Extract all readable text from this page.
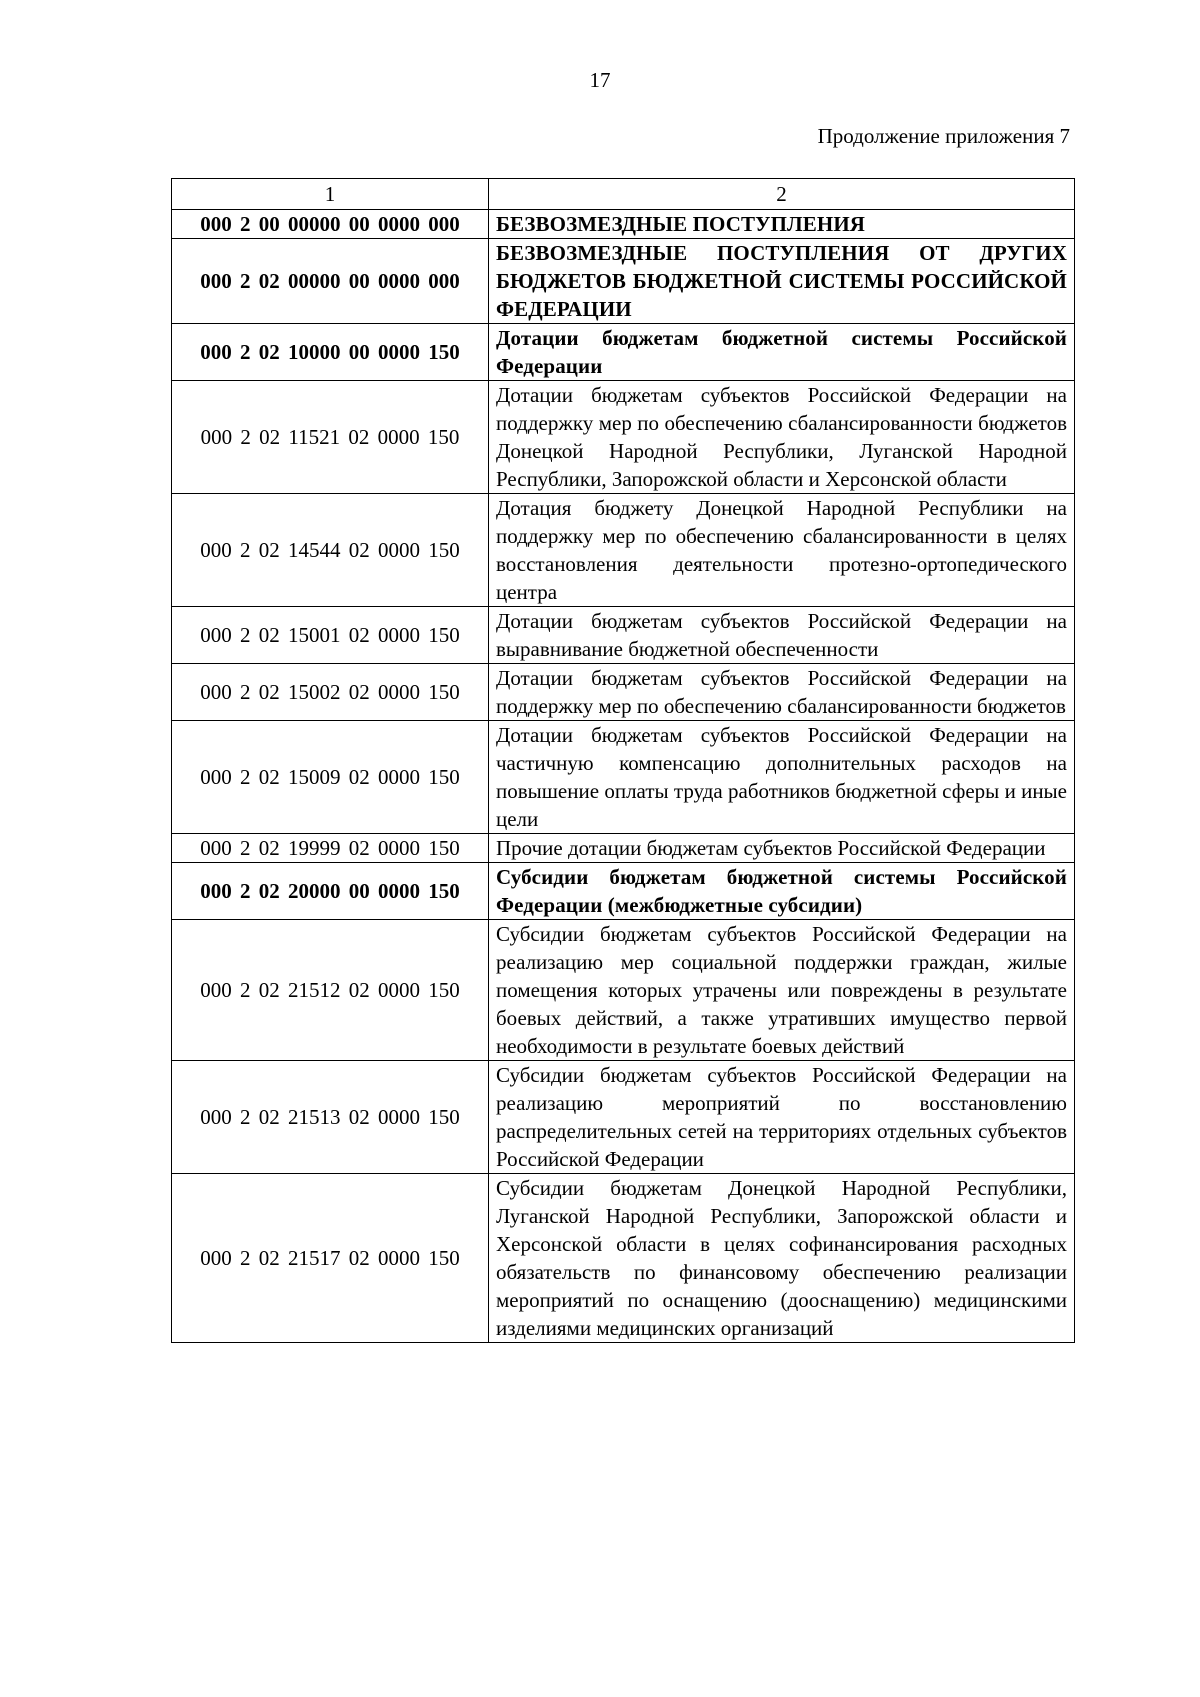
17
Продолжение приложения 7
1	2
000 2 00 00000 00 0000 000	БЕЗВОЗМЕЗДНЫЕ ПОСТУПЛЕНИЯ
000 2 02 00000 00 0000 000	БЕЗВОЗМЕЗДНЫЕ ПОСТУПЛЕНИЯ ОТ ДРУГИХ БЮДЖЕТОВ БЮДЖЕТНОЙ СИСТЕМЫ РОССИЙСКОЙ ФЕДЕРАЦИИ
000 2 02 10000 00 0000 150	Дотации бюджетам бюджетной системы Российской Федерации
000 2 02 11521 02 0000 150	Дотации бюджетам субъектов Российской Федерации на поддержку мер по обеспечению сбалансированности бюджетов Донецкой Народной Республики, Луганской Народной Республики, Запорожской области и Херсонской области
000 2 02 14544 02 0000 150	Дотация бюджету Донецкой Народной Республики на поддержку мер по обеспечению сбалансированности в целях восстановления деятельности протезно-ортопедического центра
000 2 02 15001 02 0000 150	Дотации бюджетам субъектов Российской Федерации на выравнивание бюджетной обеспеченности
000 2 02 15002 02 0000 150	Дотации бюджетам субъектов Российской Федерации на поддержку мер по обеспечению сбалансированности бюджетов
000 2 02 15009 02 0000 150	Дотации бюджетам субъектов Российской Федерации на частичную компенсацию дополнительных расходов на повышение оплаты труда работников бюджетной сферы и иные цели
000 2 02 19999 02 0000 150	Прочие дотации бюджетам субъектов Российской Федерации
000 2 02 20000 00 0000 150	Субсидии бюджетам бюджетной системы Российской Федерации (межбюджетные субсидии)
000 2 02 21512 02 0000 150	Субсидии бюджетам субъектов Российской Федерации на реализацию мер социальной поддержки граждан, жилые помещения которых утрачены или повреждены в результате боевых действий, а также утративших имущество первой необходимости в результате боевых действий
000 2 02 21513 02 0000 150	Субсидии бюджетам субъектов Российской Федерации на реализацию мероприятий по восстановлению распределительных сетей на территориях отдельных субъектов Российской Федерации
000 2 02 21517 02 0000 150	Субсидии бюджетам Донецкой Народной Республики, Луганской Народной Республики, Запорожской области и Херсонской области в целях софинансирования расходных обязательств по финансовому обеспечению реализации мероприятий по оснащению (дооснащению) медицинскими изделиями медицинских организаций
